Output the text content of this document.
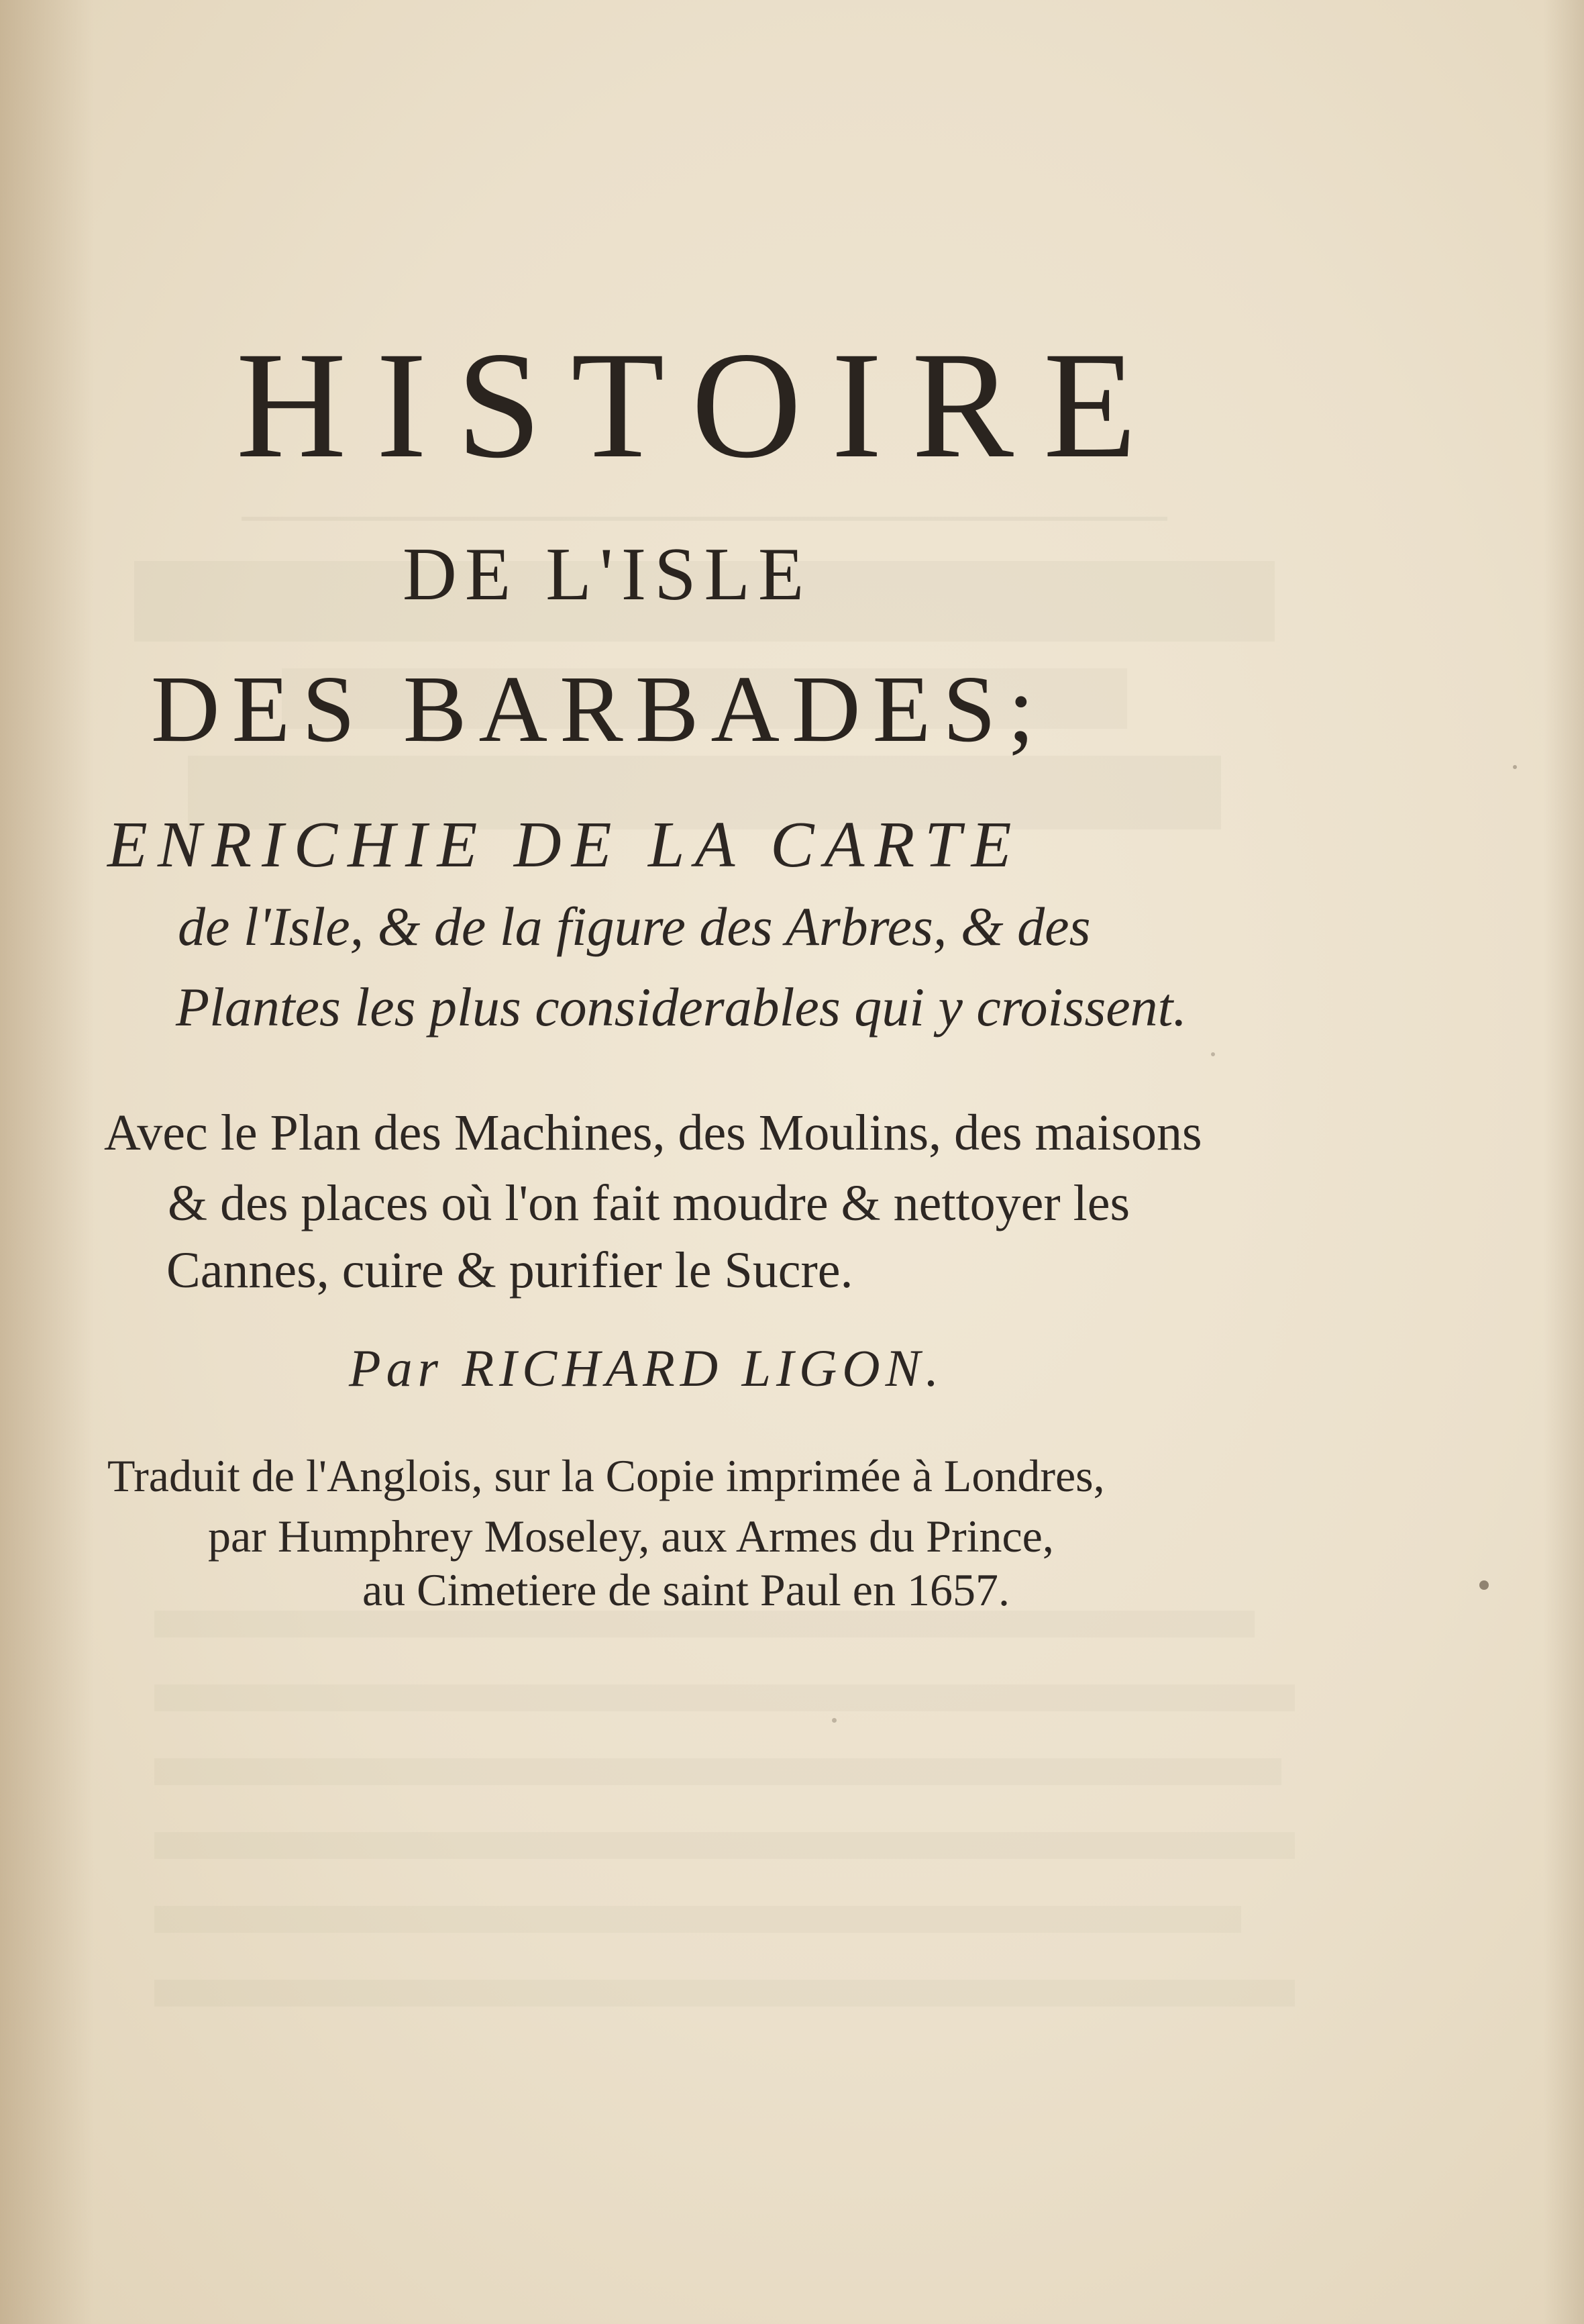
HISTOIRE
DE L'ISLE
DES BARBADES;
ENRICHIE DE LA CARTE
de l'Isle, & de la figure des Arbres, & des
Plantes les plus considerables qui y croissent.
Avec le Plan des Machines, des Moulins, des maisons
& des places où l'on fait moudre & nettoyer les
Cannes, cuire & purifier le Sucre.
Par RICHARD LIGON.
Traduit de l'Anglois, sur la Copie imprimée à Londres,
par Humphrey Moseley, aux Armes du Prince,
au Cimetiere de saint Paul en 1657.
